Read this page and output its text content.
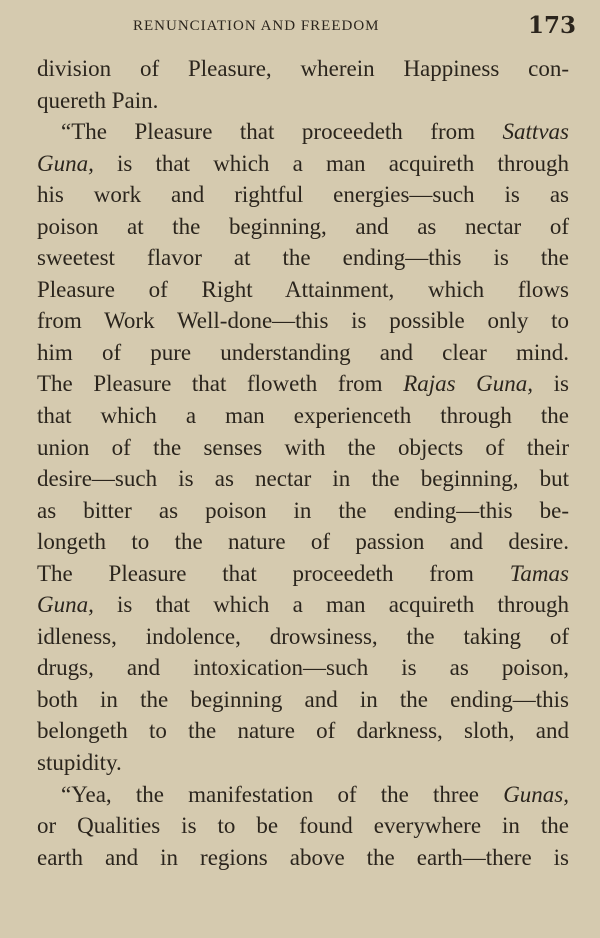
RENUNCIATION AND FREEDOM	173
division of Pleasure, wherein Happiness con-
quereth Pain.
“The Pleasure that proceedeth from Sattvas
Guna, is that which a man acquireth through
his work and rightful energies—such is as
poison at the beginning, and as nectar of
sweetest flavor at the ending—this is the
Pleasure of Right Attainment, which flows
from Work Well-done—this is possible only to
him of pure understanding and clear mind.
The Pleasure that floweth from Rajas Guna, is
that which a man experienceth through the
union of the senses with the objects of their
desire—such is as nectar in the beginning, but
as bitter as poison in the ending—this be-
longeth to the nature of passion and desire.
The Pleasure that proceedeth from Tamas
Guna, is that which a man acquireth through
idleness, indolence, drowsiness, the taking of
drugs, and intoxication—such is as poison,
both in the beginning and in the ending—this
belongeth to the nature of darkness, sloth, and
stupidity.
“Yea, the manifestation of the three Gunas,
or Qualities is to be found everywhere in the
earth and in regions above the earth—there is
